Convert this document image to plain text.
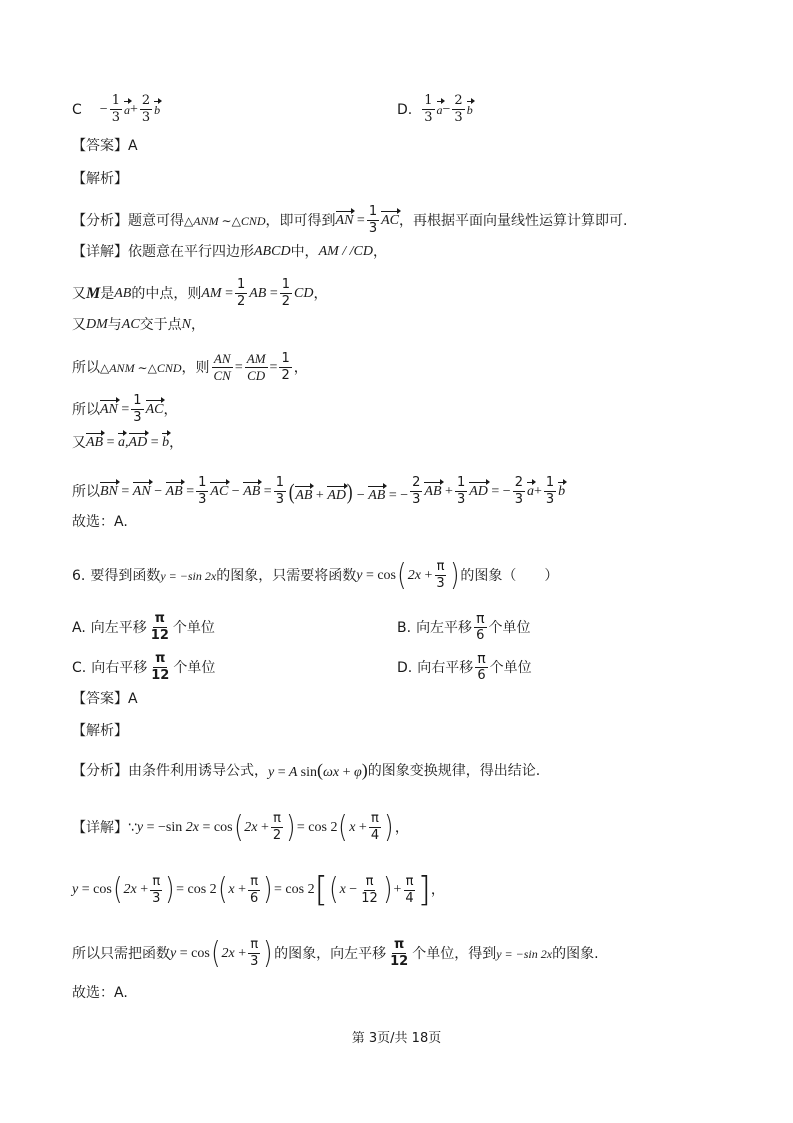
$C - \frac{1}{3}$ $a + \frac{2}{3}$ b	D. $\frac{1}{3}$ $a - \frac{2}{3}$ b
【答案】 A
【解析】
【分析】 题意可得 △ANM ∼△CND ，即可得到 AN = $\frac{1}{3}$ AC ，再根据平面向量线性运算计算即可.
【详解】 依题意在平行四边形 ABCD 中， AM / /CD ，
又 M 是 AB 的中点，则 AM = $\frac{1}{2}$ AB = $\frac{1}{2}$ CD ，
又 DM 与 AC 交于点 N ，
所以 △ANM ∼△CND ，则 $\frac{AN}{CN} = \frac{AM}{CD} = \frac{1}{2}$ ，
所以 AN = $\frac{1}{3}$ AC ，
又 AB = a,AD = b ，
所以 BN = AN − AB = $\frac{1}{3}$ AC − AB = $\frac{1}{3} (AB + AD)$ − AB = − $\frac{2}{3}$ AB + $\frac{1}{3}$ AD = − $\frac{2}{3}$ $a + \frac{1}{3}$ b
故选：A.
6. 要得到函数 y = −sin 2x 的图象，只需要将函数 y = cos ( $2x + \frac{\pi}{3}$ ) 的图象（　　）
A. 向左平移 $\frac{\pi}{12}$ 个单位	B. 向左平移 $\frac{\pi}{6}$ 个单位
C. 向右平移 $\frac{\pi}{12}$ 个单位	D. 向右平移 $\frac{\pi}{6}$ 个单位
【答案】 A
【解析】
【分析】 由条件利用诱导公式， y = A sin(ωx + φ) 的图象变换规律，得出结论.
【详解】 ∵ y = −sin 2x = cos ( $2x + \frac{\pi}{2}$ ) = cos 2 ( $x + \frac{\pi}{4}$ ) ，
y = cos ( $2x + \frac{\pi}{3}$ ) = cos 2 ( $x + \frac{\pi}{6}$ ) = cos 2 [ ( $x - \frac{\pi}{12}$ ) + $\frac{\pi}{4}$ ] ，
所以只需把函数 y = cos ( $2x + \frac{\pi}{3}$ ) 的图象，向左平移 $\frac{\pi}{12}$ 个单位，得到 y = −sin 2x 的图象.
故选：A.
第 3页/共 18页
